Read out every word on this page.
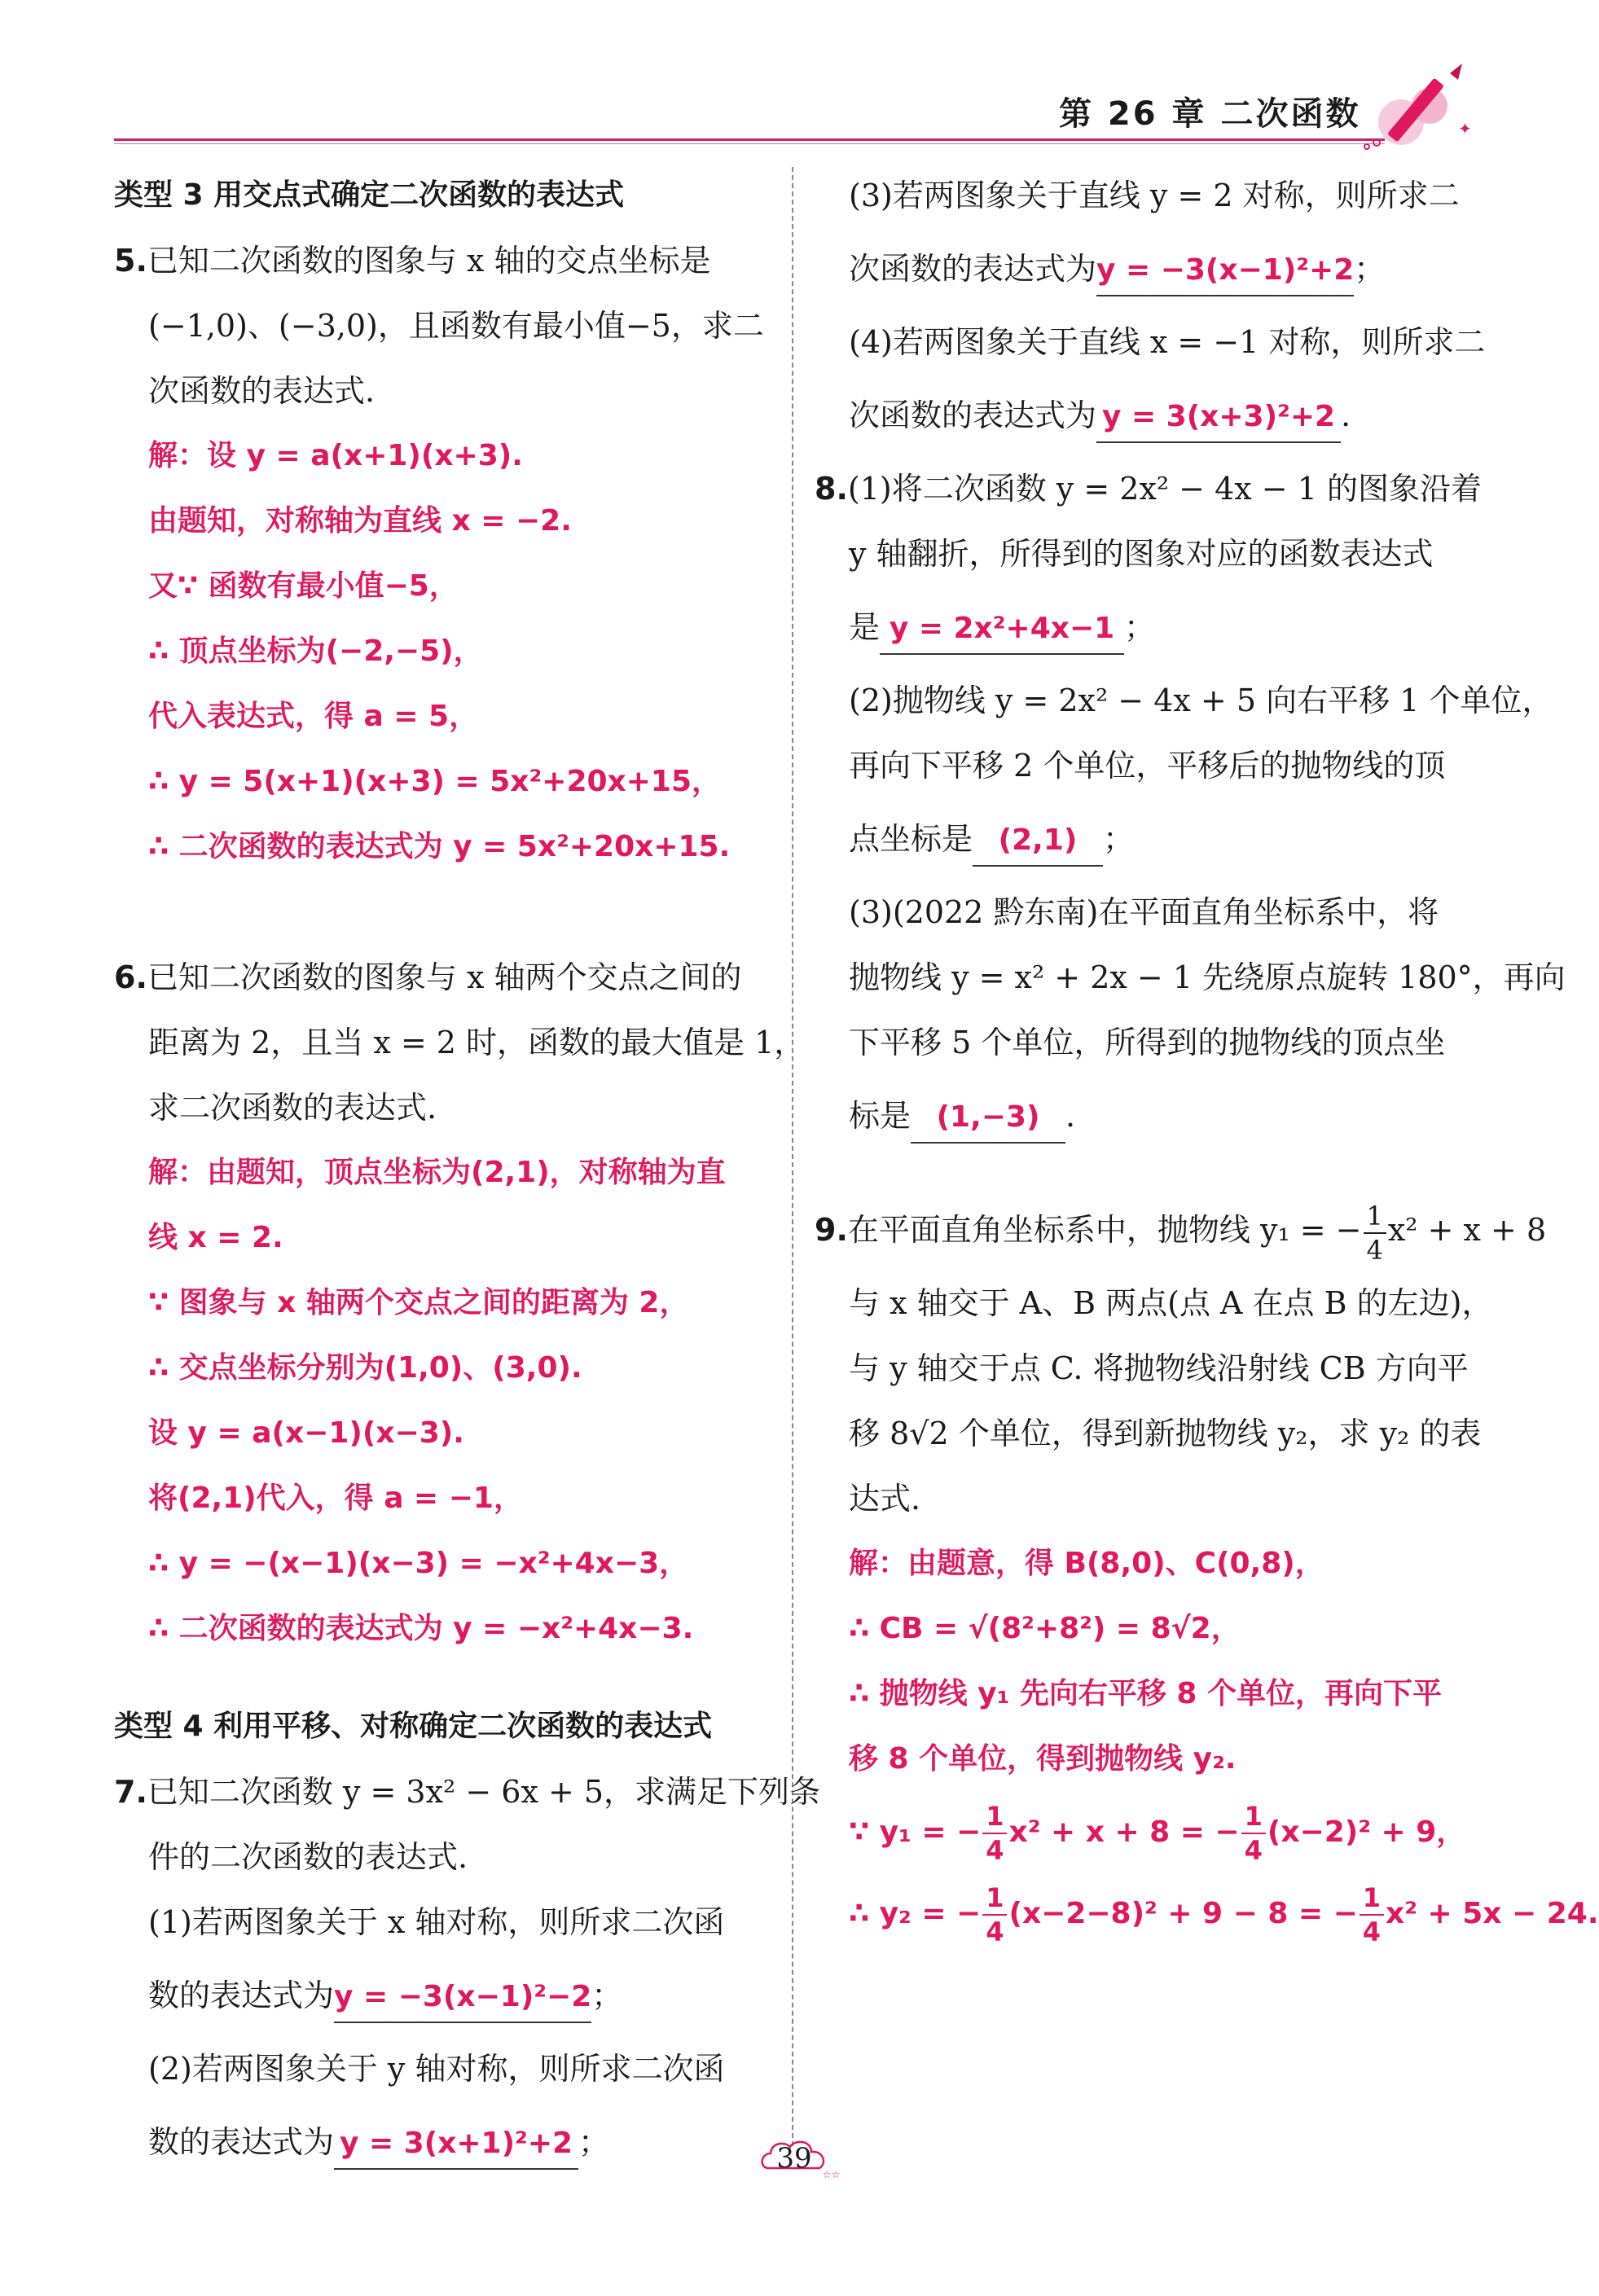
第 26 章 二次函数	✦
类型 3 用交点式确定二次函数的表达式
5.已知二次函数的图象与 x 轴的交点坐标是
(−1,0)、(−3,0)，且函数有最小值−5，求二
次函数的表达式.
解：设 y = a(x+1)(x+3).
由题知，对称轴为直线 x = −2.
又∵ 函数有最小值−5，
∴ 顶点坐标为(−2,−5)，
代入表达式，得 a = 5，
∴ y = 5(x+1)(x+3) = 5x²+20x+15，
∴ 二次函数的表达式为 y = 5x²+20x+15.
6.已知二次函数的图象与 x 轴两个交点之间的
距离为 2，且当 x = 2 时，函数的最大值是 1，
求二次函数的表达式.
解：由题知，顶点坐标为(2,1)，对称轴为直
线 x = 2.
∵ 图象与 x 轴两个交点之间的距离为 2，
∴ 交点坐标分别为(1,0)、(3,0).
设 y = a(x−1)(x−3).
将(2,1)代入，得 a = −1，
∴ y = −(x−1)(x−3) = −x²+4x−3，
∴ 二次函数的表达式为 y = −x²+4x−3.
类型 4 利用平移、对称确定二次函数的表达式
7.已知二次函数 y = 3x² − 6x + 5，求满足下列条
件的二次函数的表达式.
(1)若两图象关于 x 轴对称，则所求二次函
数的表达式为y = −3(x−1)²−2；
(2)若两图象关于 y 轴对称，则所求二次函
数的表达式为 y = 3(x+1)²+2 ；
(3)若两图象关于直线 y = 2 对称，则所求二
次函数的表达式为y = −3(x−1)²+2；
(4)若两图象关于直线 x = −1 对称，则所求二
次函数的表达式为 y = 3(x+3)²+2 .
8.(1)将二次函数 y = 2x² − 4x − 1 的图象沿着
y 轴翻折，所得到的图象对应的函数表达式
是 y = 2x²+4x−1 ；
(2)抛物线 y = 2x² − 4x + 5 向右平移 1 个单位，
再向下平移 2 个单位，平移后的抛物线的顶
点坐标是 (2,1) ；
(3)(2022 黔东南)在平面直角坐标系中，将
抛物线 y = x² + 2x − 1 先绕原点旋转 180°，再向
下平移 5 个单位，所得到的抛物线的顶点坐
标是 (1,−3) .
9.在平面直角坐标系中，抛物线 y₁ = − $\frac{1}{4} x^2 + x + 8$
与 x 轴交于 A、B 两点(点 A 在点 B 的左边)，
与 y 轴交于点 C. 将抛物线沿射线 CB 方向平
移 8√2 个单位，得到新抛物线 y₂，求 y₂ 的表
达式.
解：由题意，得 B(8,0)、C(0,8)，
∴ CB = √(8²+8²) = 8√2，
∴ 抛物线 y₁ 先向右平移 8 个单位，再向下平
移 8 个单位，得到抛物线 y₂.
∵ y₁ = − $\frac{1}{4} x^2 + x + 8$ = − $\frac{1}{4} (x-2)^2 + 9$，
∴ y₂ = − $\frac{1}{4} (x-2-8)^2 + 9 - 8$ = − $\frac{1}{4} x^2 + 5x - 24$.
☆☆
39
